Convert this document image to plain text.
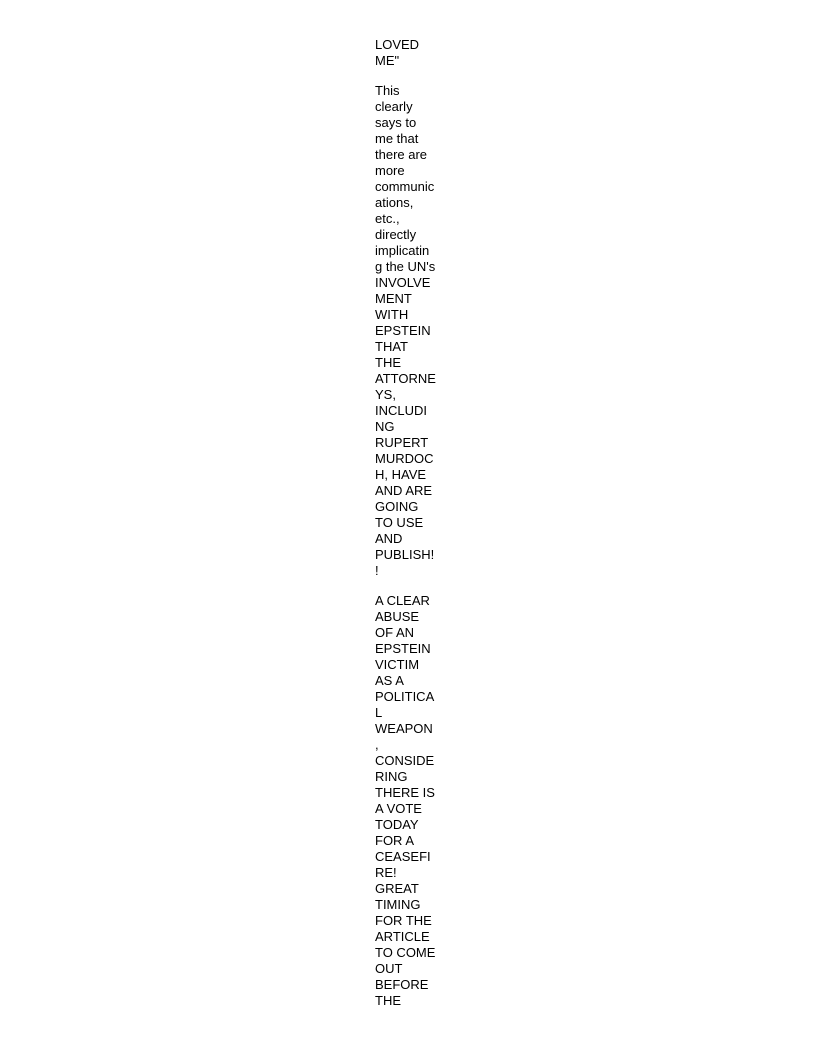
LOVED
ME"
This
clearly
says to
me that
there are
more
communic
ations,
etc.,
directly
implicatin
g the UN's
INVOLVE
MENT
WITH
EPSTEIN
THAT
THE
ATTORNE
YS,
INCLUDI
NG
RUPERT
MURDOC
H, HAVE
AND ARE
GOING
TO USE
AND
PUBLISH!
!
A CLEAR
ABUSE
OF AN
EPSTEIN
VICTIM
AS A
POLITICA
L
WEAPON
,
CONSIDE
RING
THERE IS
A VOTE
TODAY
FOR A
CEASEFI
RE!
GREAT
TIMING
FOR THE
ARTICLE
TO COME
OUT
BEFORE
THE
